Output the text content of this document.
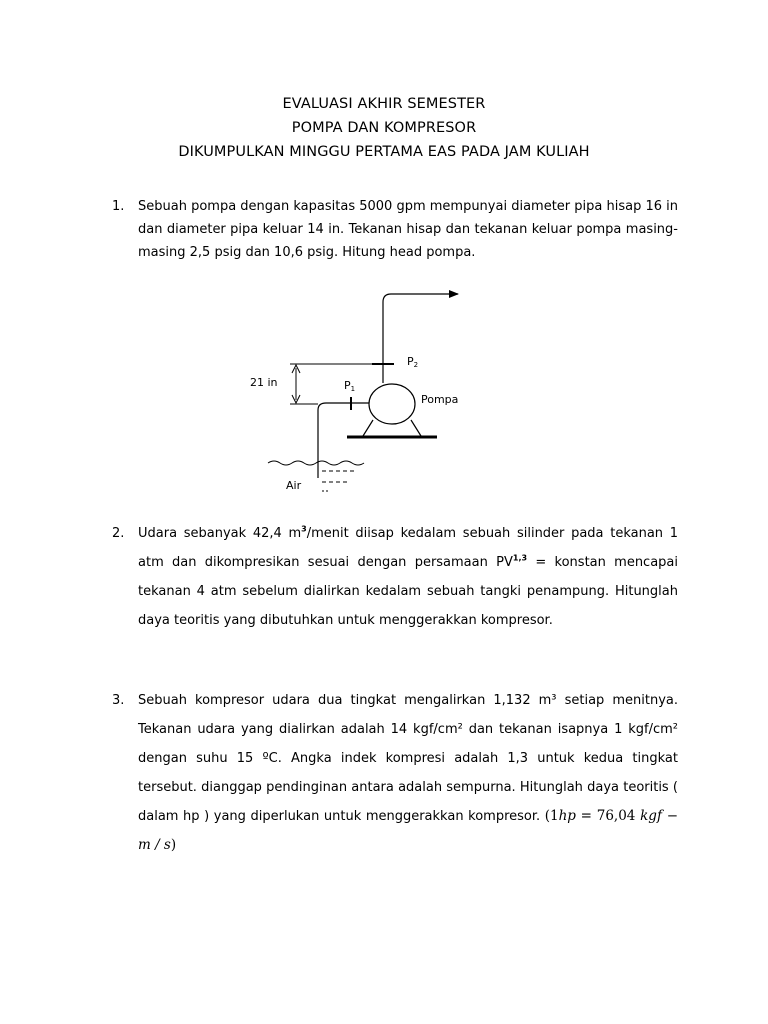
EVALUASI AKHIR SEMESTER
POMPA DAN KOMPRESOR
DIKUMPULKAN MINGGU PERTAMA EAS PADA JAM KULIAH
1. Sebuah pompa dengan kapasitas 5000 gpm mempunyai diameter pipa hisap 16 in dan diameter pipa keluar 14 in. Tekanan hisap dan tekanan keluar pompa masing-masing 2,5 psig dan 10,6 psig. Hitung head pompa.
21 in	P1
P2
Pompa
Air
2. Udara sebanyak 42,4 $m^3$/menit diisap kedalam sebuah silinder pada tekanan 1 atm dan dikompresikan sesuai dengan persamaan PV$^{1,3}$ = konstan mencapai tekanan 4 atm sebelum dialirkan kedalam sebuah tangki penampung. Hitunglah daya teoritis yang dibutuhkan untuk menggerakkan kompresor.
3. Sebuah kompresor udara dua tingkat mengalirkan 1,132 m³ setiap menitnya. Tekanan udara yang dialirkan adalah 14 kgf/cm² dan tekanan isapnya 1 kgf/cm² dengan suhu 15 ºC. Angka indek kompresi adalah 1,3 untuk kedua tingkat tersebut. dianggap pendinginan antara adalah sempurna. Hitunglah daya teoritis ( dalam hp ) yang diperlukan untuk menggerakkan kompresor. (1hp = 76,04 kgf − m / s)
